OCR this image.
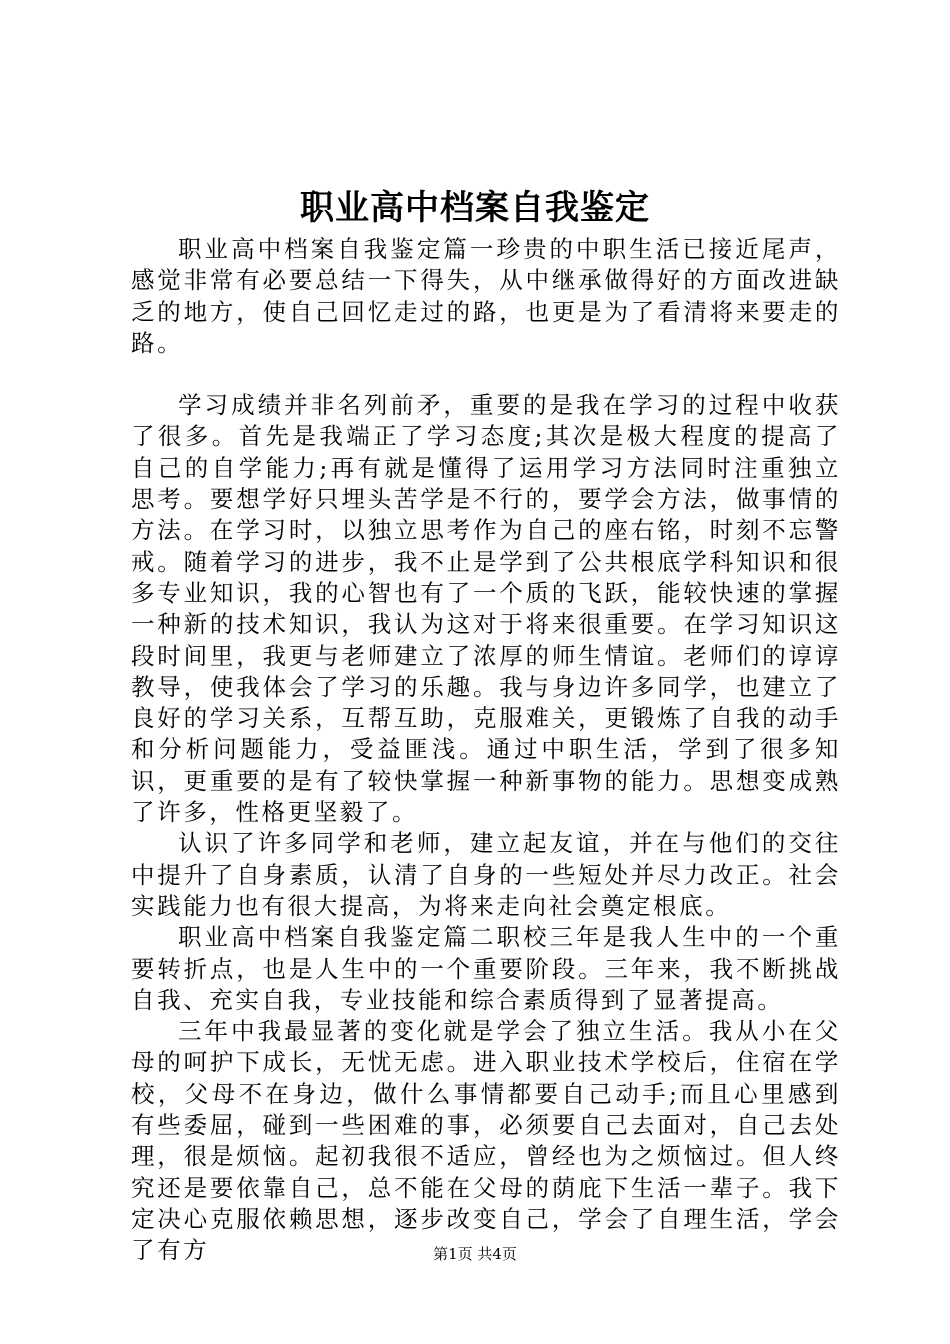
职业高中档案自我鉴定

职业高中档案自我鉴定篇一珍贵的中职生活已接近尾声，感觉非常有必要总结一下得失，从中继承做得好的方面改进缺乏的地方，使自己回忆走过的路，也更是为了看清将来要走的路。

学习成绩并非名列前矛，重要的是我在学习的过程中收获了很多。首先是我端正了学习态度;其次是极大程度的提高了自己的自学能力;再有就是懂得了运用学习方法同时注重独立思考。要想学好只埋头苦学是不行的，要学会方法，做事情的方法。在学习时，以独立思考作为自己的座右铭，时刻不忘警戒。随着学习的进步，我不止是学到了公共根底学科知识和很多专业知识，我的心智也有了一个质的飞跃，能较快速的掌握一种新的技术知识，我认为这对于将来很重要。在学习知识这段时间里，我更与老师建立了浓厚的师生情谊。老师们的谆谆教导，使我体会了学习的乐趣。我与身边许多同学，也建立了良好的学习关系，互帮互助，克服难关，更锻炼了自我的动手和分析问题能力，受益匪浅。通过中职生活，学到了很多知识，更重要的是有了较快掌握一种新事物的能力。思想变成熟了许多，性格更坚毅了。

认识了许多同学和老师，建立起友谊，并在与他们的交往中提升了自身素质，认清了自身的一些短处并尽力改正。社会实践能力也有很大提高，为将来走向社会奠定根底。

职业高中档案自我鉴定篇二职校三年是我人生中的一个重要转折点，也是人生中的一个重要阶段。三年来，我不断挑战自我、充实自我，专业技能和综合素质得到了显著提高。

三年中我最显著的变化就是学会了独立生活。我从小在父母的呵护下成长，无忧无虑。进入职业技术学校后，住宿在学校，父母不在身边，做什么事情都要自己动手;而且心里感到有些委屈，碰到一些困难的事，必须要自己去面对，自己去处理，很是烦恼。起初我很不适应，曾经也为之烦恼过。但人终究还是要依靠自己，总不能在父母的荫庇下生活一辈子。我下定决心克服依赖思想，逐步改变自己，学会了自理生活，学会了有方	第1页 共4页
